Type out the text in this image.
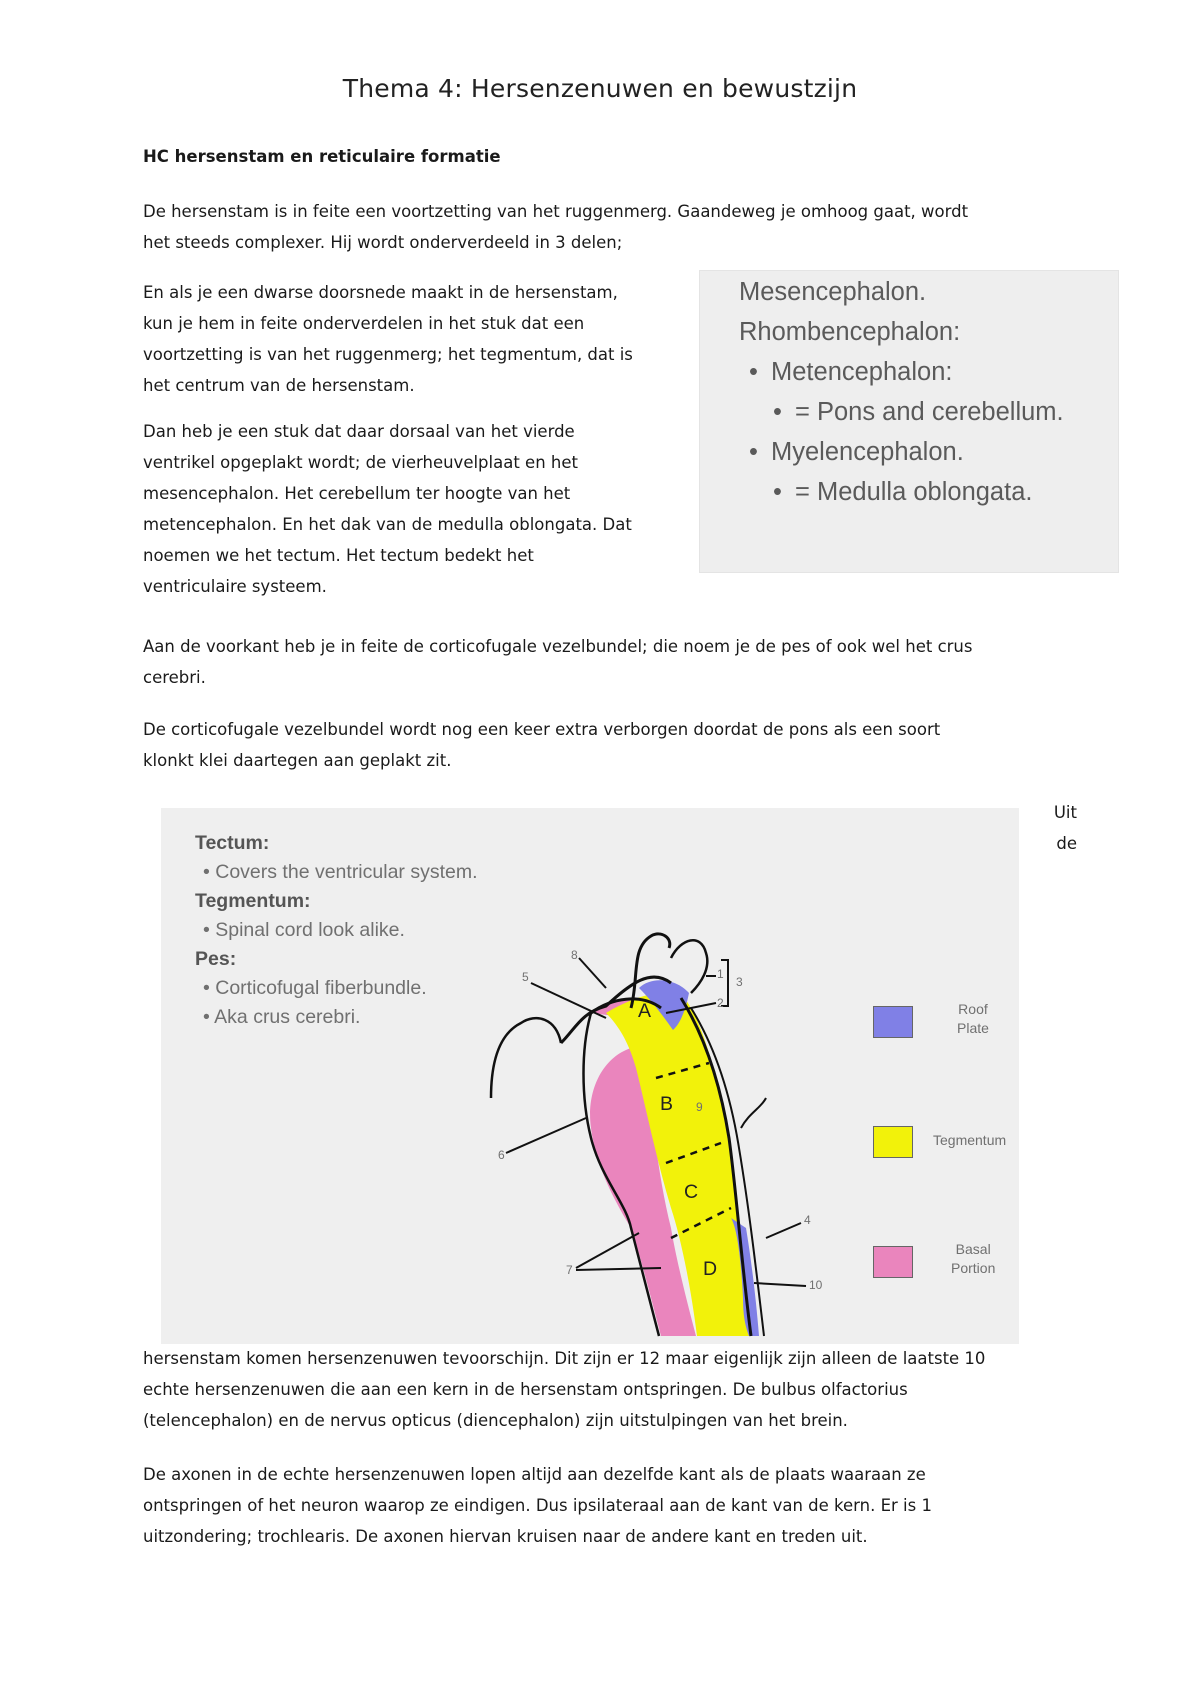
Thema 4: Hersenzenuwen en bewustzijn
HC hersenstam en reticulaire formatie
De hersenstam is in feite een voortzetting van het ruggenmerg. Gaandeweg je omhoog gaat, wordt
het steeds complexer. Hij wordt onderverdeeld in 3 delen;

En als je een dwarse doorsnede maakt in de hersenstam,
kun je hem in feite onderverdelen in het stuk dat een
voortzetting is van het ruggenmerg; het tegmentum, dat is
het centrum van de hersenstam.

Dan heb je een stuk dat daar dorsaal van het vierde
ventrikel opgeplakt wordt; de vierheuvelplaat en het
mesencephalon. Het cerebellum ter hoogte van het
metencephalon. En het dak van de medulla oblongata. Dat
noemen we het tectum. Het tectum bedekt het
ventriculaire systeem.

Mesencephalon.
Rhombencephalon:
• Metencephalon:
• = Pons and cerebellum.
• Myelencephalon.
• = Medulla oblongata.
Aan de voorkant heb je in feite de corticofugale vezelbundel; die noem je de pes of ook wel het crus
cerebri.
De corticofugale vezelbundel wordt nog een keer extra verborgen doordat de pons als een soort
klonkt klei daartegen aan geplakt zit.
Uit
de
Tectum:
• Covers the ventricular system.
Tegmentum:
• Spinal cord look alike.
Pes:
• Corticofugal fiberbundle.
• Aka crus cerebri.	A
B
C
D
1
2
3
4
5
6
7
8
9
10
Roof
Plate
Tegmentum
Basal
Portion
hersenstam komen hersenzenuwen tevoorschijn. Dit zijn er 12 maar eigenlijk zijn alleen de laatste 10
echte hersenzenuwen die aan een kern in de hersenstam ontspringen. De bulbus olfactorius
(telencephalon) en de nervus opticus (diencephalon) zijn uitstulpingen van het brein.
De axonen in de echte hersenzenuwen lopen altijd aan dezelfde kant als de plaats waaraan ze
ontspringen of het neuron waarop ze eindigen. Dus ipsilateraal aan de kant van de kern. Er is 1
uitzondering; trochlearis. De axonen hiervan kruisen naar de andere kant en treden uit.
